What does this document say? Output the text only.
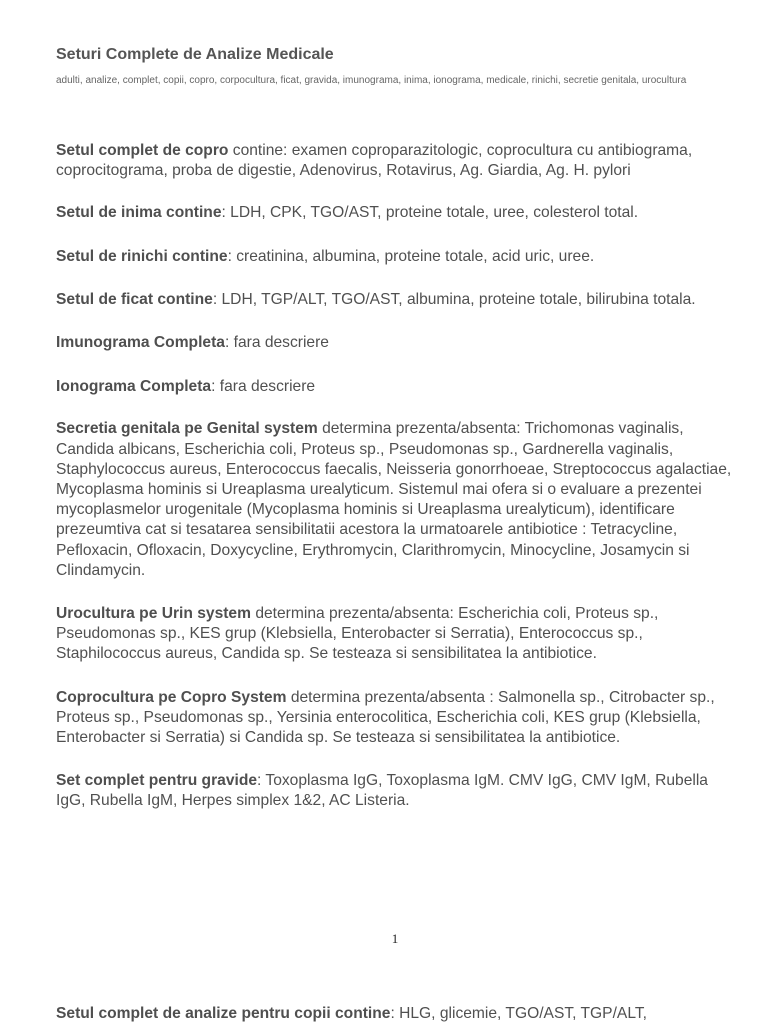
Seturi Complete de Analize Medicale

adulti, analize, complet, copii, copro, corpocultura, ficat, gravida, imunograma, inima, ionograma, medicale, rinichi, secretie genitala, urocultura

Setul complet de copro contine: examen coproparazitologic, coprocultura cu antibiograma, coprocitograma, proba de digestie, Adenovirus, Rotavirus, Ag. Giardia, Ag. H. pylori

Setul de inima contine: LDH, CPK, TGO/AST, proteine totale, uree, colesterol total.

Setul de rinichi contine: creatinina, albumina, proteine totale, acid uric, uree.

Setul de ficat contine: LDH, TGP/ALT, TGO/AST, albumina, proteine totale, bilirubina totala.

Imunograma Completa: fara descriere

Ionograma Completa: fara descriere

Secretia genitala pe Genital system determina prezenta/absenta: Trichomonas vaginalis, Candida albicans, Escherichia coli, Proteus sp., Pseudomonas sp., Gardnerella vaginalis, Staphylococcus aureus, Enterococcus faecalis, Neisseria gonorrhoeae, Streptococcus agalactiae, Mycoplasma hominis si Ureaplasma urealyticum. Sistemul mai ofera si o evaluare a prezentei mycoplasmelor urogenitale (Mycoplasma hominis si Ureaplasma urealyticum), identificare prezeumtiva cat si tesatarea sensibilitatii acestora la urmatoarele antibiotice : Tetracycline, Pefloxacin, Ofloxacin, Doxycycline, Erythromycin, Clarithromycin, Minocycline, Josamycin si Clindamycin.

Urocultura pe Urin system determina prezenta/absenta: Escherichia coli, Proteus sp., Pseudomonas sp., KES grup (Klebsiella, Enterobacter si Serratia), Enterococcus sp., Staphilococcus aureus, Candida sp. Se testeaza si sensibilitatea la antibiotice.

Coprocultura pe Copro System determina prezenta/absenta : Salmonella sp., Citrobacter sp., Proteus sp., Pseudomonas sp., Yersinia enterocolitica, Escherichia coli, KES grup (Klebsiella, Enterobacter si Serratia) si Candida sp. Se testeaza si sensibilitatea la antibiotice.

Set complet pentru gravide: Toxoplasma IgG, Toxoplasma IgM. CMV IgG, CMV IgM, Rubella IgG, Rubella IgM, Herpes simplex 1&2, AC Listeria.

1
Setul complet de analize pentru copii contine: HLG, glicemie, TGO/AST, TGP/ALT,
